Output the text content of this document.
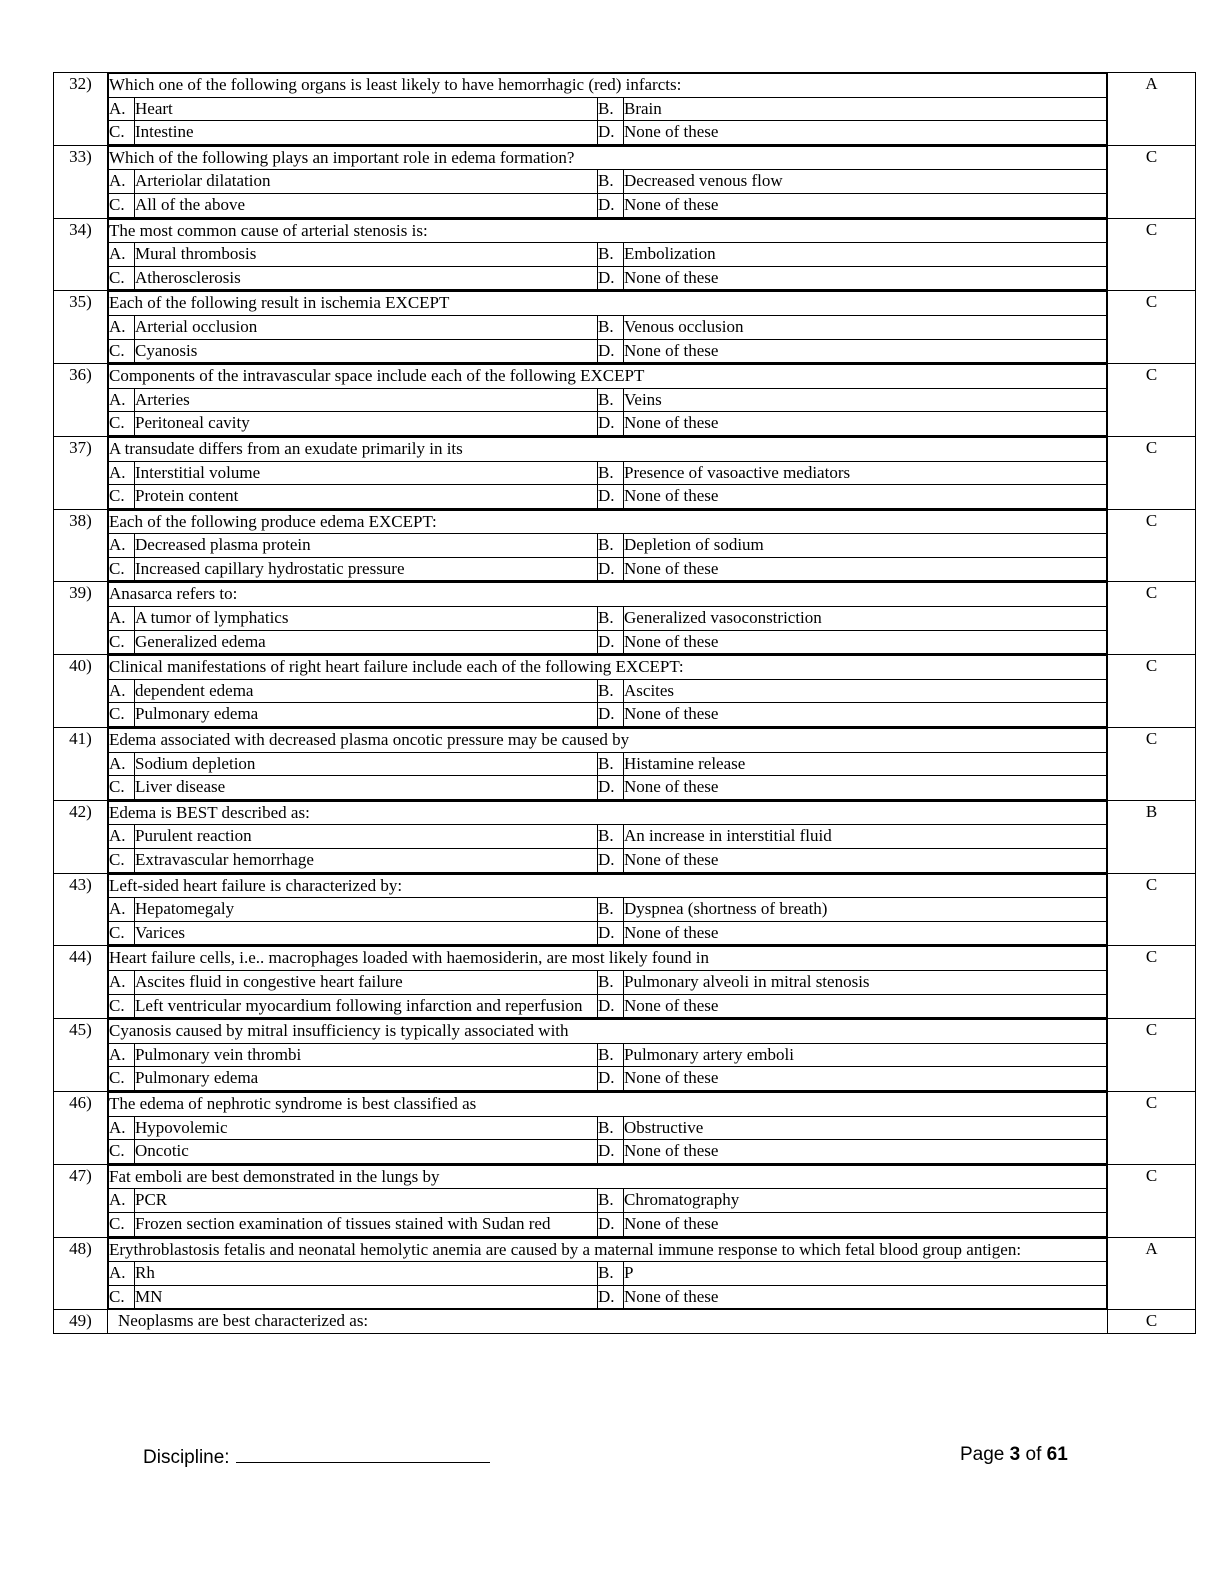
32)	Which one of the following organs is least likely to have hemorrhagic (red) infarcts:
A.	Heart	B.	Brain
C.	Intestine	D.	None of these
	A
33)	Which of the following plays an important role in edema formation?
A.	Arteriolar dilatation	B.	Decreased venous flow
C.	All of the above	D.	None of these
	C
34)	The most common cause of arterial stenosis is:
A.	Mural thrombosis	B.	Embolization
C.	Atherosclerosis	D.	None of these
	C
35)	Each of the following result in ischemia EXCEPT
A.	Arterial occlusion	B.	Venous occlusion
C.	Cyanosis	D.	None of these
	C
36)	Components of the intravascular space include each of the following EXCEPT
A.	Arteries	B.	Veins
C.	Peritoneal cavity	D.	None of these
	C
37)	A transudate differs from an exudate primarily in its
A.	Interstitial volume	B.	Presence of vasoactive mediators
C.	Protein content	D.	None of these
	C
38)	Each of the following produce edema EXCEPT:
A.	Decreased plasma protein	B.	Depletion of sodium
C.	Increased capillary hydrostatic pressure	D.	None of these
	C
39)	Anasarca refers to:
A.	A tumor of lymphatics	B.	Generalized vasoconstriction
C.	Generalized edema	D.	None of these
	C
40)	Clinical manifestations of right heart failure include each of the following EXCEPT:
A.	dependent edema	B.	Ascites
C.	Pulmonary edema	D.	None of these
	C
41)	Edema associated with decreased plasma oncotic pressure may be caused by
A.	Sodium depletion	B.	Histamine release
C.	Liver disease	D.	None of these
	C
42)	Edema is BEST described as:
A.	Purulent reaction	B.	An increase in interstitial fluid
C.	Extravascular hemorrhage	D.	None of these
	B
43)	Left-sided heart failure is characterized by:
A.	Hepatomegaly	B.	Dyspnea (shortness of breath)
C.	Varices	D.	None of these
	C
44)	Heart failure cells, i.e.. macrophages loaded with haemosiderin, are most likely found in
A.	Ascites fluid in congestive heart failure	B.	Pulmonary alveoli in mitral stenosis
C.	Left ventricular myocardium following infarction and reperfusion	D.	None of these
	C
45)	Cyanosis caused by mitral insufficiency is typically associated with
A.	Pulmonary vein thrombi	B.	Pulmonary artery emboli
C.	Pulmonary edema	D.	None of these
	C
46)	The edema of nephrotic syndrome is best classified as
A.	Hypovolemic	B.	Obstructive
C.	Oncotic	D.	None of these
	C
47)	Fat emboli are best demonstrated in the lungs by
A.	PCR	B.	Chromatography
C.	Frozen section examination of tissues stained with Sudan red	D.	None of these
	C
48)	Erythroblastosis fetalis and neonatal hemolytic anemia are caused by a maternal immune response to which fetal blood group antigen:
A.	Rh	B.	P
C.	MN	D.	None of these
	A
49)	Neoplasms are best characterized as:	C
Discipline:	Page 3 of 61
